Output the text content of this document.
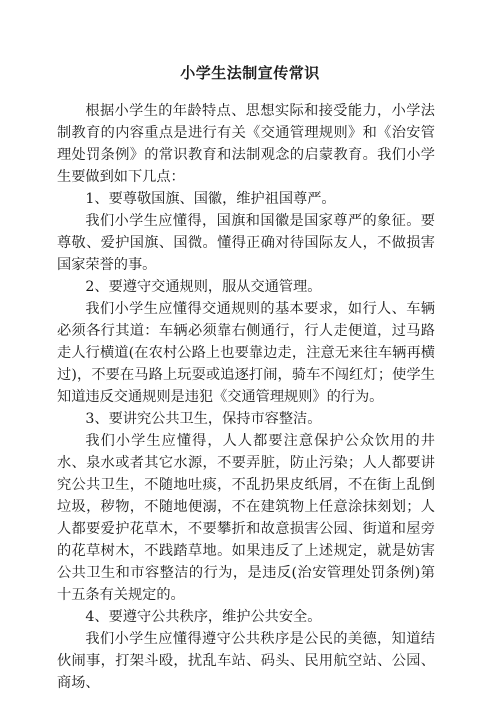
小学生法制宣传常识

根据小学生的年龄特点、思想实际和接受能力，小学法制教育的内容重点是进行有关《交通管理规则》和《治安管理处罚条例》的常识教育和法制观念的启蒙教育。我们小学生要做到如下几点：

1、要尊敬国旗、国徽，维护祖国尊严。

我们小学生应懂得，国旗和国徽是国家尊严的象征。要尊敬、爱护国旗、国微。懂得正确对待国际友人，不做损害国家荣誉的事。

2、要遵守交通规则，服从交通管理。

我们小学生应懂得交通规则的基本要求，如行人、车辆必须各行其道：车辆必须靠右侧通行，行人走便道，过马路走人行横道(在农村公路上也要靠边走，注意无来往车辆再横过)，不要在马路上玩耍或追逐打闹，骑车不闯红灯；使学生知道违反交通规则是违犯《交通管理规则》的行为。

3、要讲究公共卫生，保持市容整洁。

我们小学生应懂得，人人都要注意保护公众饮用的井水、泉水或者其它水源，不要弄脏，防止污染；人人都要讲究公共卫生，不随地吐痰，不乱扔果皮纸屑，不在街上乱倒垃圾，秽物，不随地便溺，不在建筑物上任意涂抹刻划；人人都要爱护花草木，不要攀折和故意损害公园、街道和屋旁的花草树木，不践踏草地。如果违反了上述规定，就是妨害公共卫生和市容整洁的行为，是违反(治安管理处罚条例)第十五条有关规定的。

4、要遵守公共秩序，维护公共安全。

我们小学生应懂得遵守公共秩序是公民的美德，知道结伙闹事，打架斗殴，扰乱车站、码头、民用航空站、公园、商场、
